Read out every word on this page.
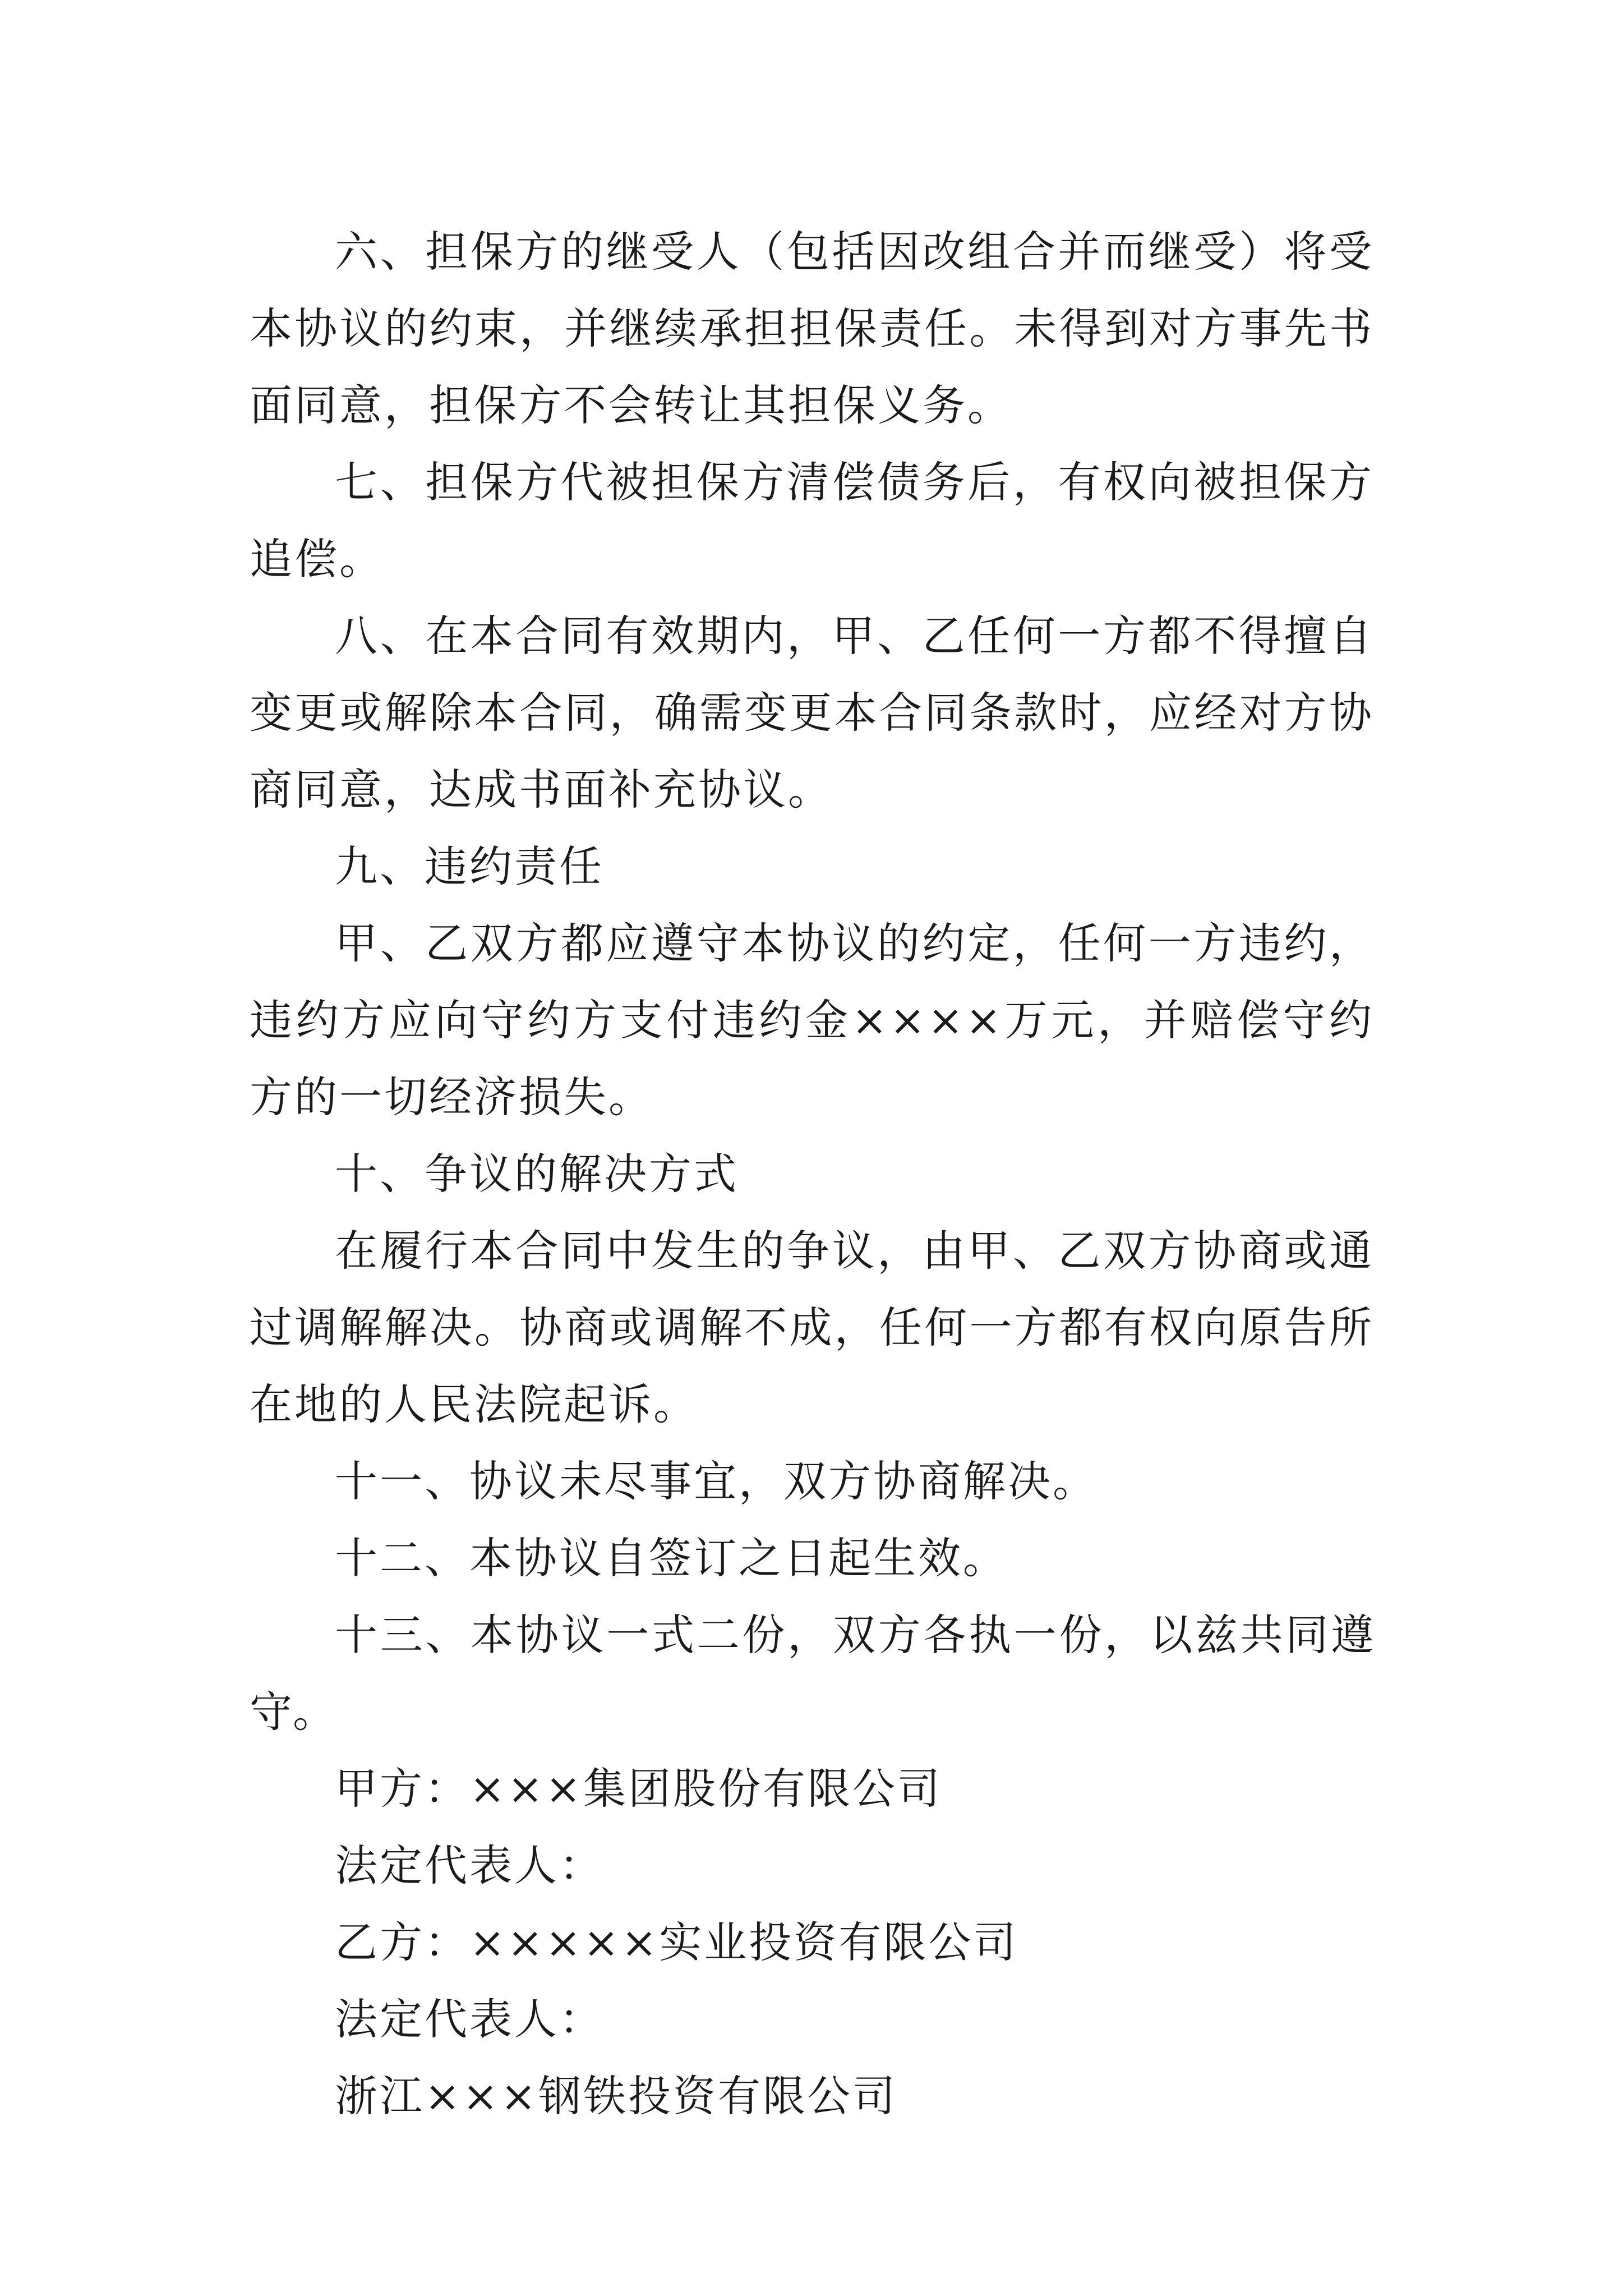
六、担保方的继受人（包括因改组合并而继受）将受本协议的约束，并继续承担担保责任。未得到对方事先书面同意，担保方不会转让其担保义务。

七、担保方代被担保方清偿债务后，有权向被担保方追偿。

八、在本合同有效期内，甲、乙任何一方都不得擅自变更或解除本合同，确需变更本合同条款时，应经对方协商同意，达成书面补充协议。

九、违约责任

甲、乙双方都应遵守本协议的约定，任何一方违约，违约方应向守约方支付违约金××××万元，并赔偿守约方的一切经济损失。

十、争议的解决方式

在履行本合同中发生的争议，由甲、乙双方协商或通过调解解决。协商或调解不成，任何一方都有权向原告所在地的人民法院起诉。

十一、协议未尽事宜，双方协商解决。

十二、本协议自签订之日起生效。

十三、本协议一式二份，双方各执一份，以兹共同遵守。

甲方：×××集团股份有限公司

法定代表人：

乙方：×××××实业投资有限公司

法定代表人：

浙江×××钢铁投资有限公司
